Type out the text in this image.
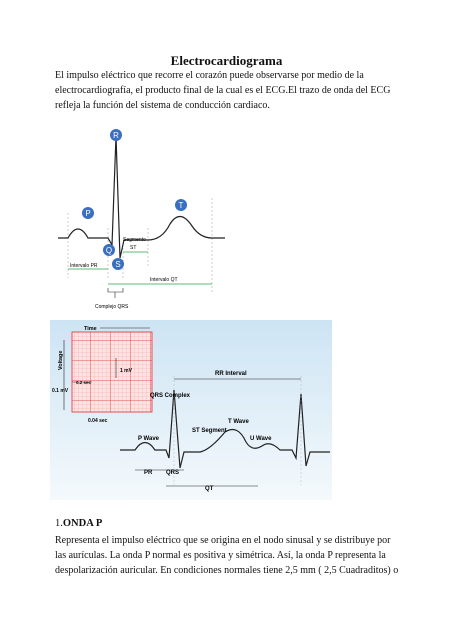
Electrocardiograma
El impulso eléctrico que recorre el corazón puede observarse por medio de la electrocardiografía, el producto final de la cual es el ECG.El trazo de onda del ECG refleja la función del sistema de conducción cardiaco.
R
P
T
Q
S
Segmento
ST
Intervalo PR
Intervalo QT
Complejo QRS
Time
Voltage
1 mV
0.1 mV
0.2 sec
0.04 sec
RR Interval
QRS Complex
T Wave
ST Segment
P Wave	U Wave
PR QRS
QT
1.ONDA P
Representa el impulso eléctrico que se origina en el nodo sinusal y se distribuye por las aurículas. La onda P normal es positiva y simétrica. Así, la onda P representa la despolarización auricular. En condiciones normales tiene 2,5 mm ( 2,5 Cuadraditos) o
